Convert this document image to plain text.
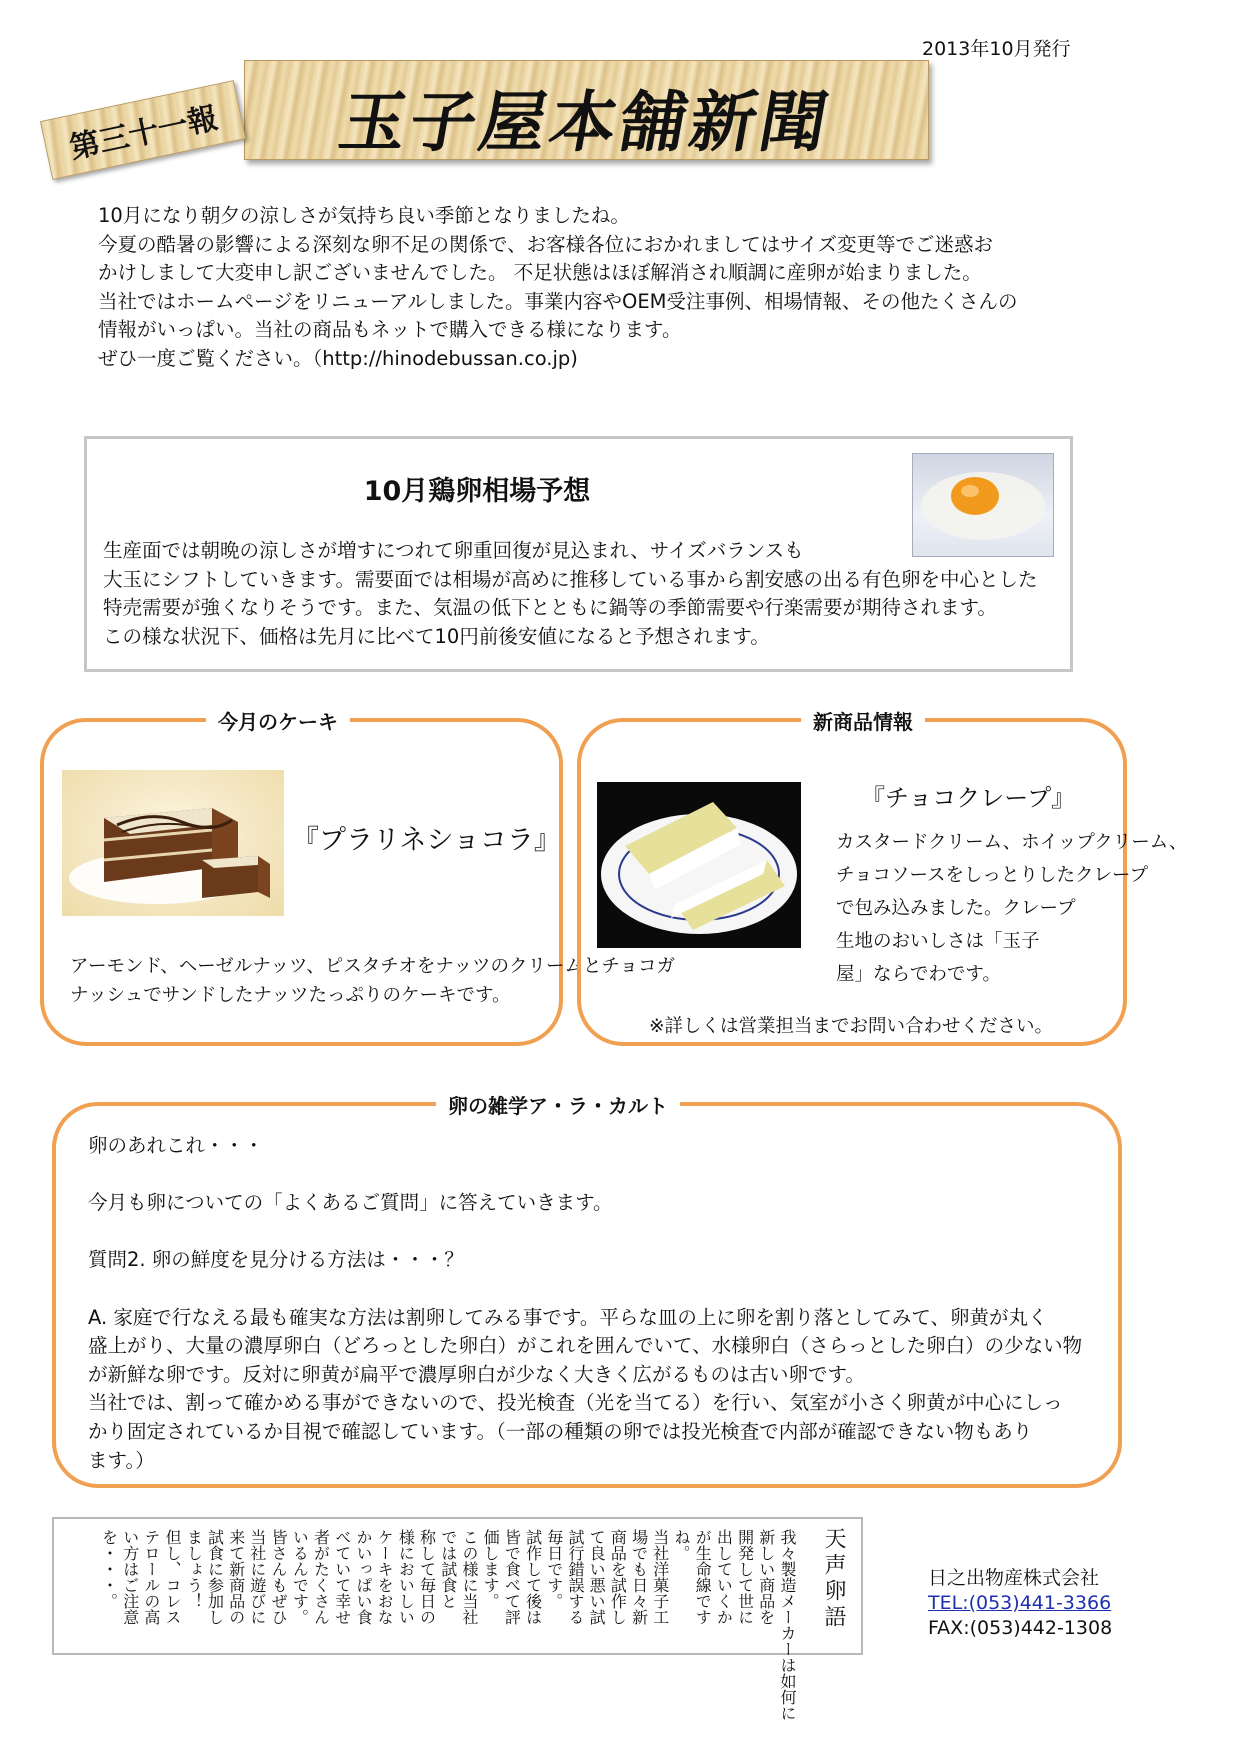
2013年10月発行
玉子屋本舗新聞
第三十一報

10月になり朝夕の涼しさが気持ち良い季節となりましたね。

今夏の酷暑の影響による深刻な卵不足の関係で、お客様各位におかれましてはサイズ変更等でご迷惑お

かけしまして大変申し訳ございませんでした。 不足状態はほぼ解消され順調に産卵が始まりました。

当社ではホームページをリニューアルしました。事業内容やOEM受注事例、相場情報、その他たくさんの

情報がいっぱい。当社の商品もネットで購入できる様になります。

ぜひ一度ご覧ください。（http://hinodebussan.co.jp)

10月鶏卵相場予想

生産面では朝晩の涼しさが増すにつれて卵重回復が見込まれ、サイズバランスも

大玉にシフトしていきます。需要面では相場が高めに推移している事から割安感の出る有色卵を中心とした

特売需要が強くなりそうです。また、気温の低下とともに鍋等の季節需要や行楽需要が期待されます。

この様な状況下、価格は先月に比べて10円前後安値になると予想されます。

今月のケーキ
『プラリネショコラ』

アーモンド、ヘーゼルナッツ、ピスタチオをナッツのクリームとチョコガ

ナッシュでサンドしたナッツたっぷりのケーキです。

新商品情報
『チョコクレープ』

カスタードクリーム、ホイップクリーム、

チョコソースをしっとりしたクレープ

で包み込みました。クレープ

生地のおいしさは「玉子

屋」ならでわです。

※詳しくは営業担当までお問い合わせください。
卵の雑学ア・ラ・カルト

卵のあれこれ・・・

今月も卵についての「よくあるご質問」に答えていきます。

質問2. 卵の鮮度を見分ける方法は・・・？

A. 家庭で行なえる最も確実な方法は割卵してみる事です。平らな皿の上に卵を割り落としてみて、卵黄が丸く

盛上がり、大量の濃厚卵白（どろっとした卵白）がこれを囲んでいて、水様卵白（さらっとした卵白）の少ない物

が新鮮な卵です。反対に卵黄が扁平で濃厚卵白が少なく大きく広がるものは古い卵です。

当社では、割って確かめる事ができないので、投光検査（光を当てる）を行い、気室が小さく卵黄が中心にしっ

かり固定されているか目視で確認しています。（一部の種類の卵では投光検査で内部が確認できない物もあり

ます。）

天声卵語
我々製造メーカーは如何に
新しい商品を
開発して世に
出していくか
が生命線です
ね。
当社洋菓子工
場でも日々新
商品を試作し
て良い悪い試
試行錯誤する
毎日です。
試作して後は
皆で食べて評
価します。
この様に当社
では試食と
称して毎日の
様においしい
ケーキをおな
かいっぱい食
べていて幸せ
者がたくさん
いるんです。
皆さんもぜひ
当社に遊びに
来て新商品の
試食に参加し
ましょう！
但し、コレス
テロールの高
い方はご注意
を・・・。	日之出物産株式会社
TEL:(053)441-3366
FAX:(053)442-1308
